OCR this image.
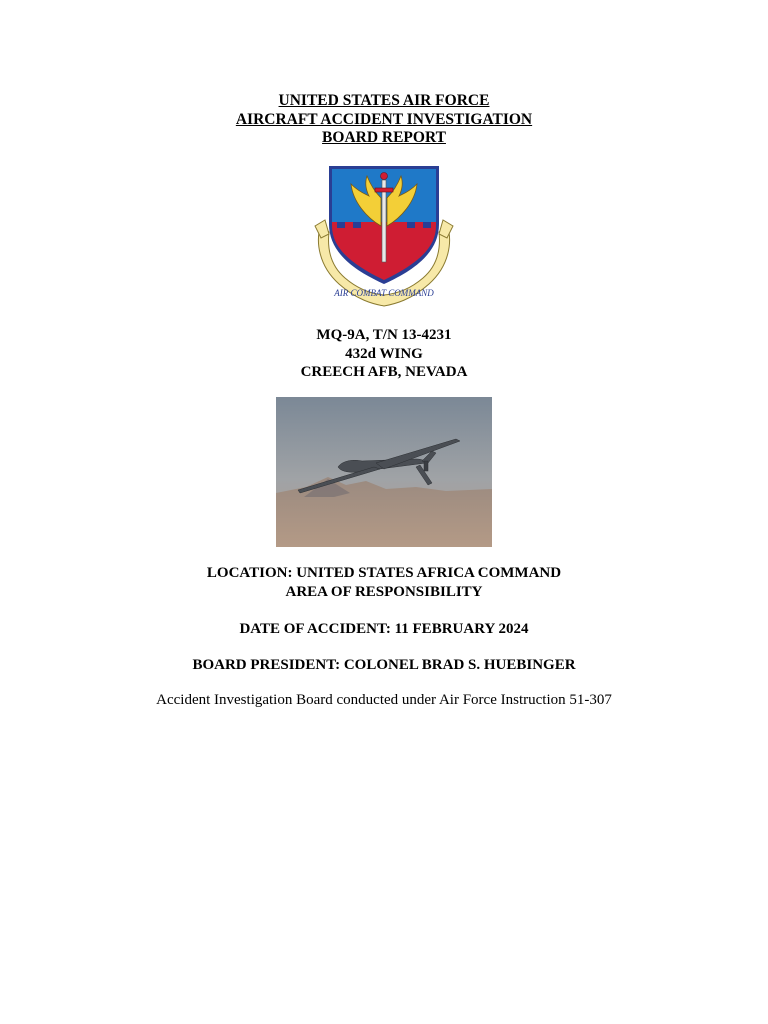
UNITED STATES AIR FORCE
AIRCRAFT ACCIDENT INVESTIGATION
BOARD REPORT
AIR COMBAT COMMAND
MQ-9A, T/N 13-4231
432d WING
CREECH AFB, NEVADA
LOCATION: UNITED STATES AFRICA COMMAND
AREA OF RESPONSIBILITY
DATE OF ACCIDENT: 11 FEBRUARY 2024
BOARD PRESIDENT: COLONEL BRAD S. HUEBINGER
Accident Investigation Board conducted under Air Force Instruction 51-307
